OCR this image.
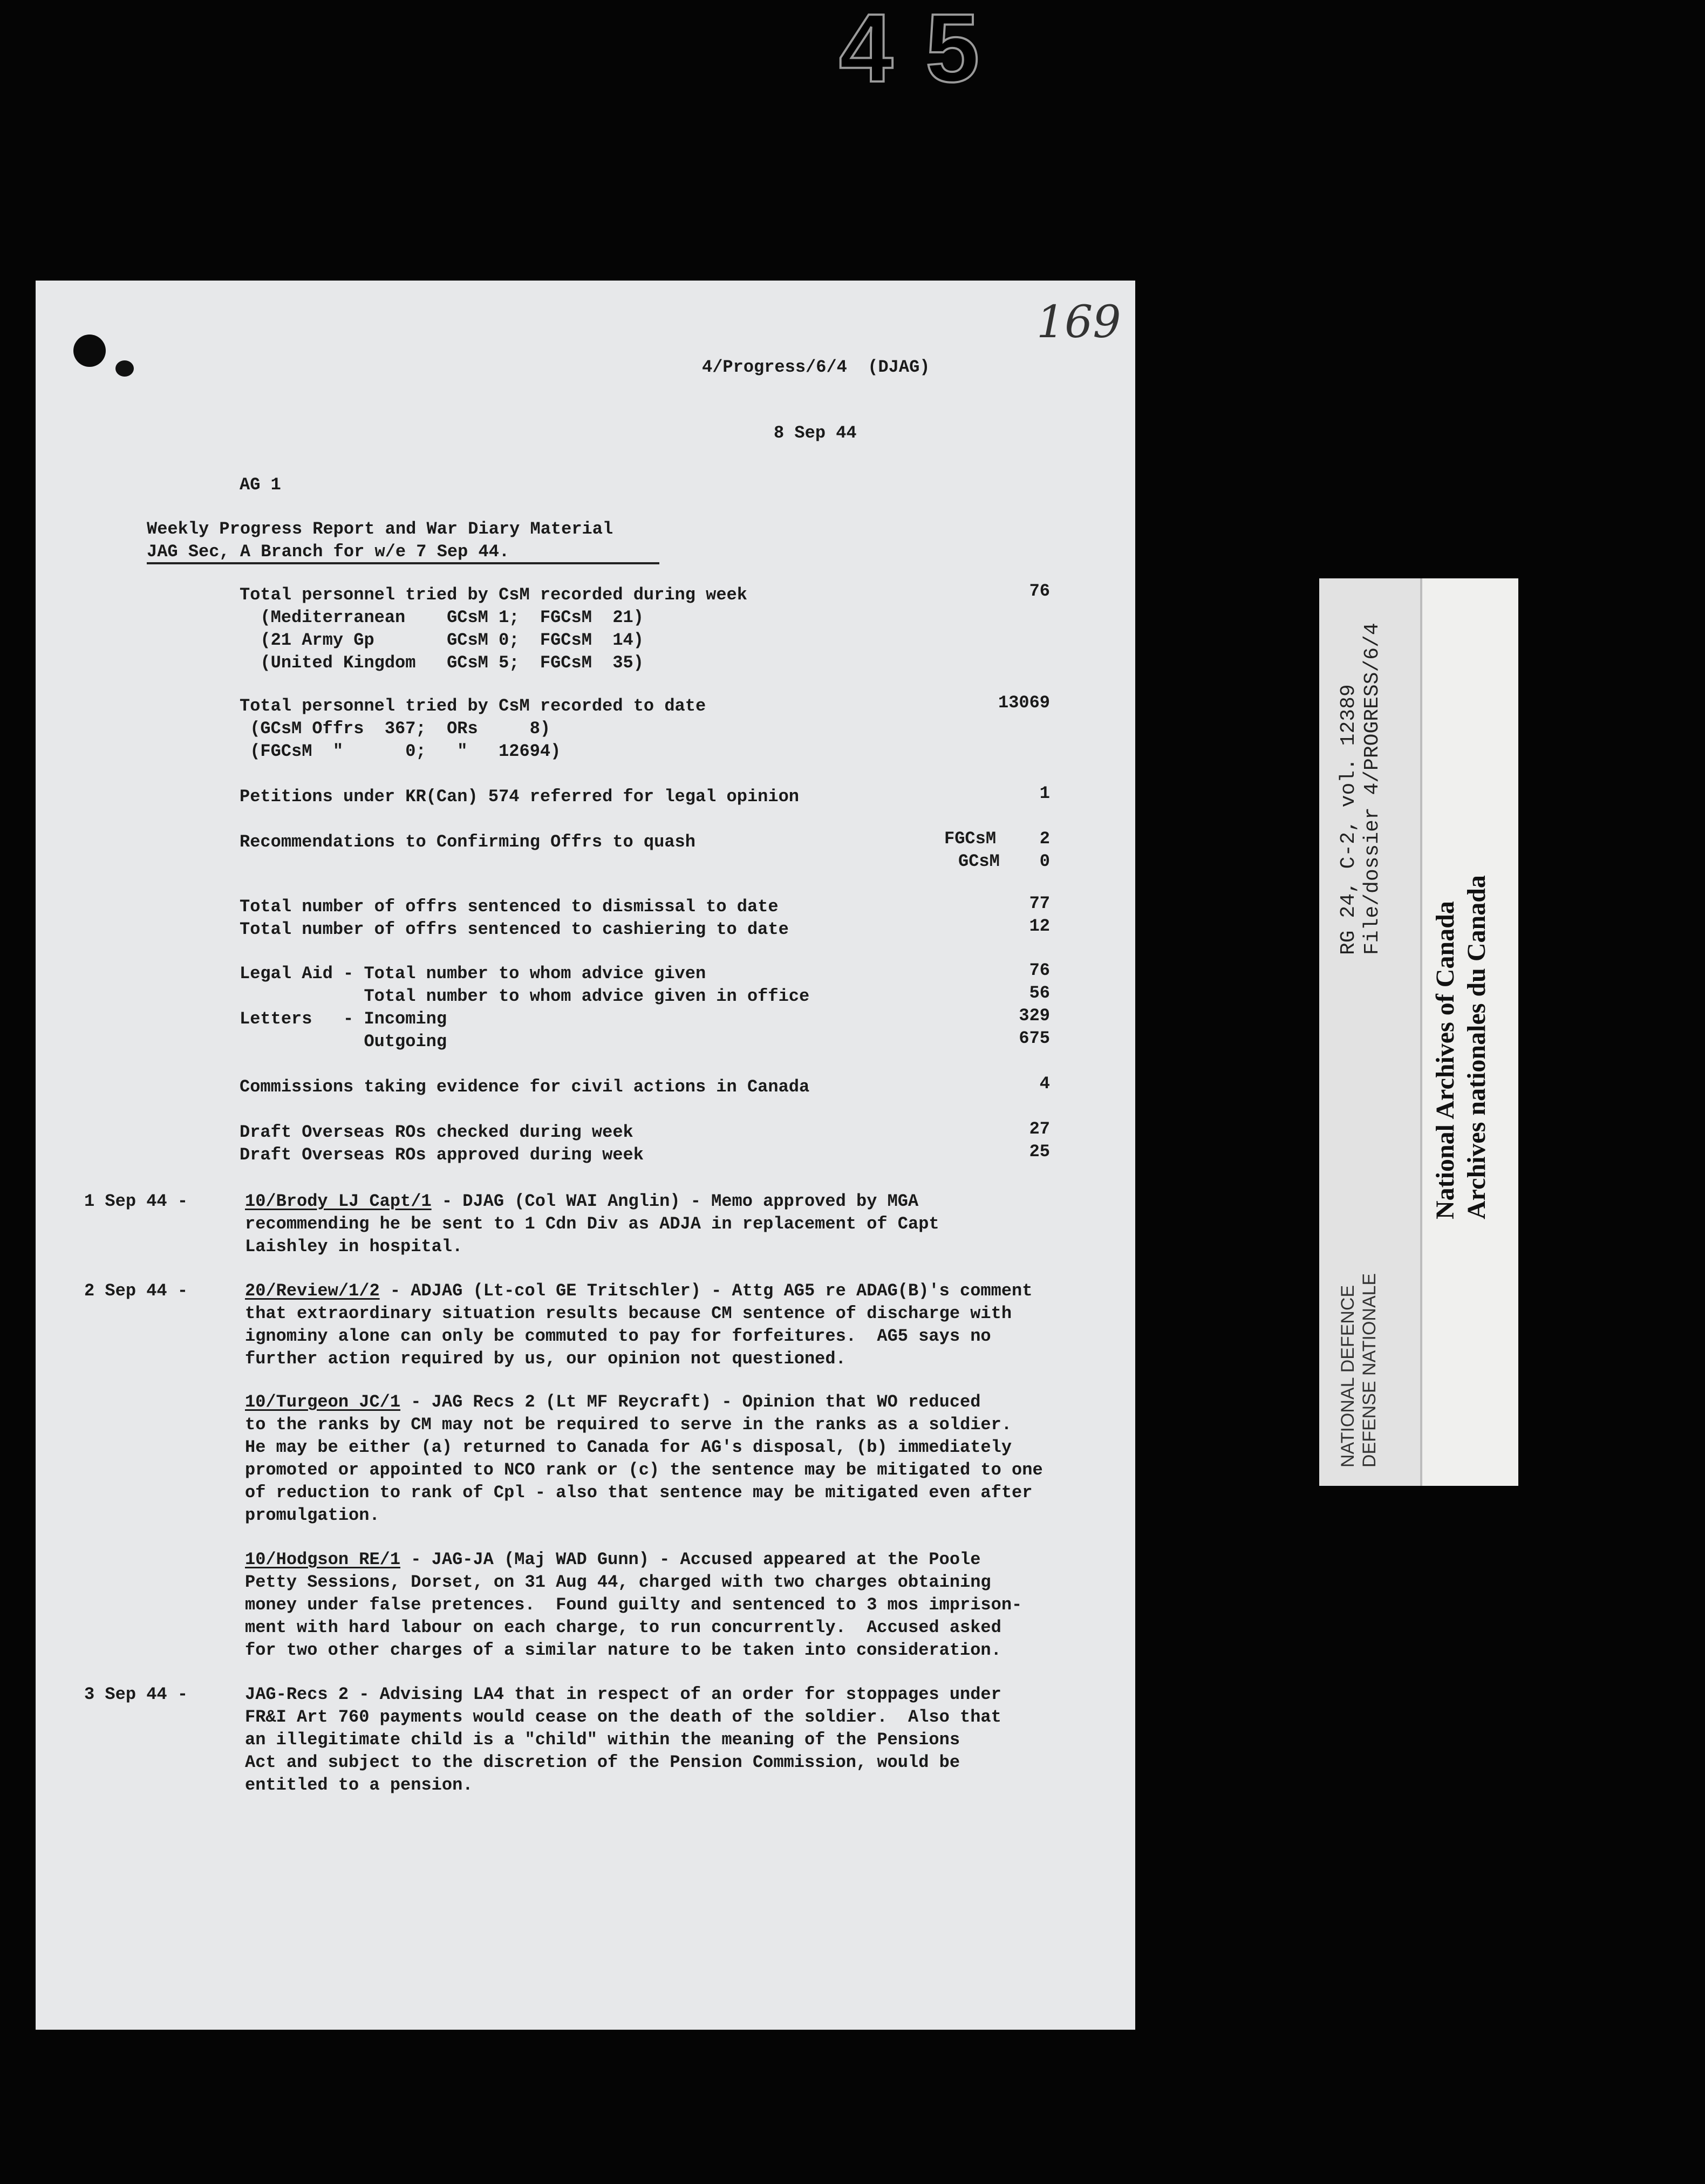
45
169
4/Progress/6/4  (DJAG)
8 Sep 44
AG 1
Weekly Progress Report and War Diary Material
JAG Sec, A Branch for w/e 7 Sep 44.
Total personnel tried by CsM recorded during week	76
(Mediterranean    GCsM 1;  FGCsM  21)
(21 Army Gp       GCsM 0;  FGCsM  14)
(United Kingdom   GCsM 5;  FGCsM  35)
Total personnel tried by CsM recorded to date	13069
(GCsM Offrs  367;  ORs     8)
(FGCsM  "      0;   "   12694)
Petitions under KR(Can) 574 referred for legal opinion	1
Recommendations to Confirming Offrs to quash	FGCsM	2
GCsM	0
Total number of offrs sentenced to dismissal to date	77
Total number of offrs sentenced to cashiering to date	12
Legal Aid - Total number to whom advice given	76
Total number to whom advice given in office	56
Letters   - Incoming	329
Outgoing	675
Commissions taking evidence for civil actions in Canada	4
Draft Overseas ROs checked during week	27
Draft Overseas ROs approved during week	25
1 Sep 44 -	10/Brody LJ Capt/1 - DJAG (Col WAI Anglin) - Memo approved by MGA
recommending he be sent to 1 Cdn Div as ADJA in replacement of Capt
Laishley in hospital.
2 Sep 44 -	20/Review/1/2 - ADJAG (Lt-col GE Tritschler) - Attg AG5 re ADAG(B)'s comment
that extraordinary situation results because CM sentence of discharge with
ignominy alone can only be commuted to pay for forfeitures.  AG5 says no
further action required by us, our opinion not questioned.
10/Turgeon JC/1 - JAG Recs 2 (Lt MF Reycraft) - Opinion that WO reduced
to the ranks by CM may not be required to serve in the ranks as a soldier.
He may be either (a) returned to Canada for AG's disposal, (b) immediately
promoted or appointed to NCO rank or (c) the sentence may be mitigated to one
of reduction to rank of Cpl - also that sentence may be mitigated even after
promulgation.
10/Hodgson RE/1 - JAG-JA (Maj WAD Gunn) - Accused appeared at the Poole
Petty Sessions, Dorset, on 31 Aug 44, charged with two charges obtaining
money under false pretences.  Found guilty and sentenced to 3 mos imprison-
ment with hard labour on each charge, to run concurrently.  Accused asked
for two other charges of a similar nature to be taken into consideration.
3 Sep 44 -	JAG-Recs 2 - Advising LA4 that in respect of an order for stoppages under
FR&I Art 760 payments would cease on the death of the soldier.  Also that
an illegitimate child is a "child" within the meaning of the Pensions
Act and subject to the discretion of the Pension Commission, would be
entitled to a pension.
RG 24, C-2, vol. 12389 File/dossier 4/PROGRESS/6/4
NATIONAL DEFENCE DEFENSE NATIONALE
National Archives of Canada Archives nationales du Canada
